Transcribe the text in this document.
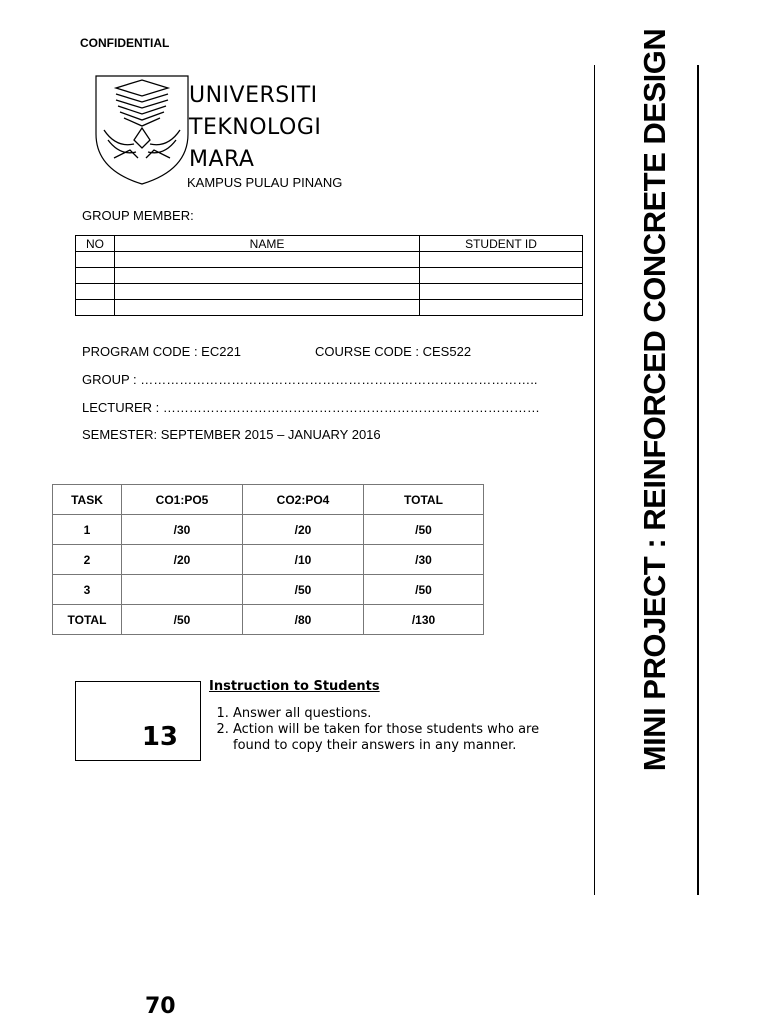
CONFIDENTIAL
UNIVERSITI
TEKNOLOGI
MARA
KAMPUS PULAU PINANG
GROUP MEMBER:
NO	NAME	STUDENT ID

PROGRAM CODE : EC221	COURSE CODE : CES522
GROUP : ………………………………………………………………………………..
LECTURER : ……………………………………………………………………………
SEMESTER: SEPTEMBER 2015 – JANUARY 2016
TASK	CO1:PO5	CO2:PO4	TOTAL
1	/30	/20	/50
2	/20	/10	/30
3		/50	/50
TOTAL	/50	/80	/130
13
Instruction to Students
1. Answer all questions.
2. Action will be taken for those students who are found to copy their answers in any manner.	MINI PROJECT : REINFORCED CONCRETE DESIGN
70
